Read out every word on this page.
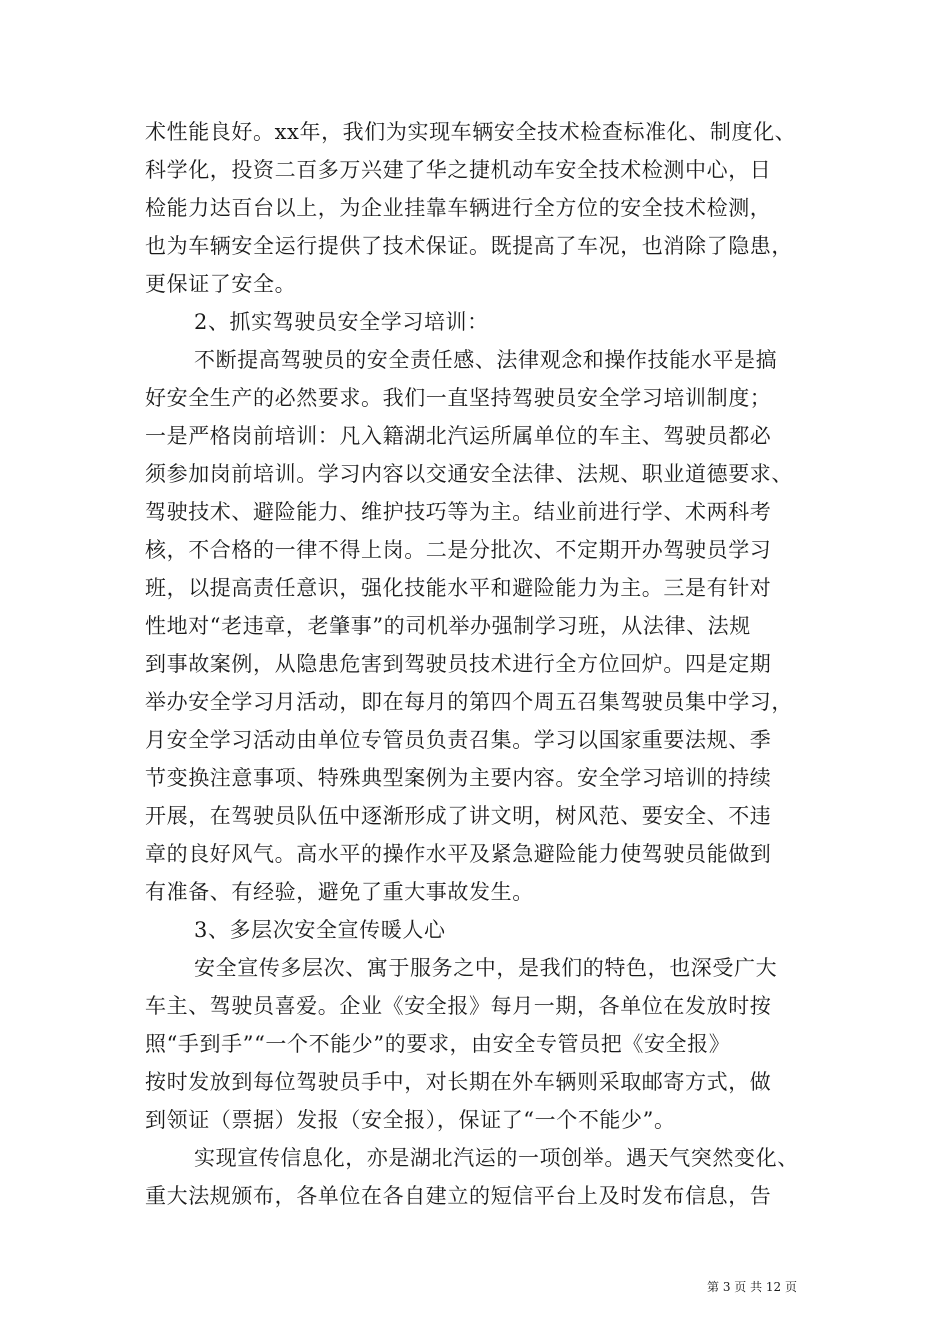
术性能良好。xx年，我们为实现车辆安全技术检查标准化、制度化、
科学化，投资二百多万兴建了华之捷机动车安全技术检测中心，日
检能力达百台以上，为企业挂靠车辆进行全方位的安全技术检测，
也为车辆安全运行提供了技术保证。既提高了车况，也消除了隐患，
更保证了安全。
2、抓实驾驶员安全学习培训：
不断提高驾驶员的安全责任感、法律观念和操作技能水平是搞
好安全生产的必然要求。我们一直坚持驾驶员安全学习培训制度；
一是严格岗前培训：凡入籍湖北汽运所属单位的车主、驾驶员都必
须参加岗前培训。学习内容以交通安全法律、法规、职业道德要求、
驾驶技术、避险能力、维护技巧等为主。结业前进行学、术两科考
核，不合格的一律不得上岗。二是分批次、不定期开办驾驶员学习
班，以提高责任意识，强化技能水平和避险能力为主。三是有针对
性地对“老违章，老肇事”的司机举办强制学习班，从法律、法规
到事故案例，从隐患危害到驾驶员技术进行全方位回炉。四是定期
举办安全学习月活动，即在每月的第四个周五召集驾驶员集中学习，
月安全学习活动由单位专管员负责召集。学习以国家重要法规、季
节变换注意事项、特殊典型案例为主要内容。安全学习培训的持续
开展，在驾驶员队伍中逐渐形成了讲文明，树风范、要安全、不违
章的良好风气。高水平的操作水平及紧急避险能力使驾驶员能做到
有准备、有经验，避免了重大事故发生。
3、多层次安全宣传暖人心
安全宣传多层次、寓于服务之中，是我们的特色，也深受广大
车主、驾驶员喜爱。企业《安全报》每月一期，各单位在发放时按
照“手到手”“一个不能少”的要求，由安全专管员把《安全报》
按时发放到每位驾驶员手中，对长期在外车辆则采取邮寄方式，做
到领证（票据）发报（安全报），保证了“一个不能少”。
实现宣传信息化，亦是湖北汽运的一项创举。遇天气突然变化、
重大法规颁布，各单位在各自建立的短信平台上及时发布信息，告
第 3 页 共 12 页
